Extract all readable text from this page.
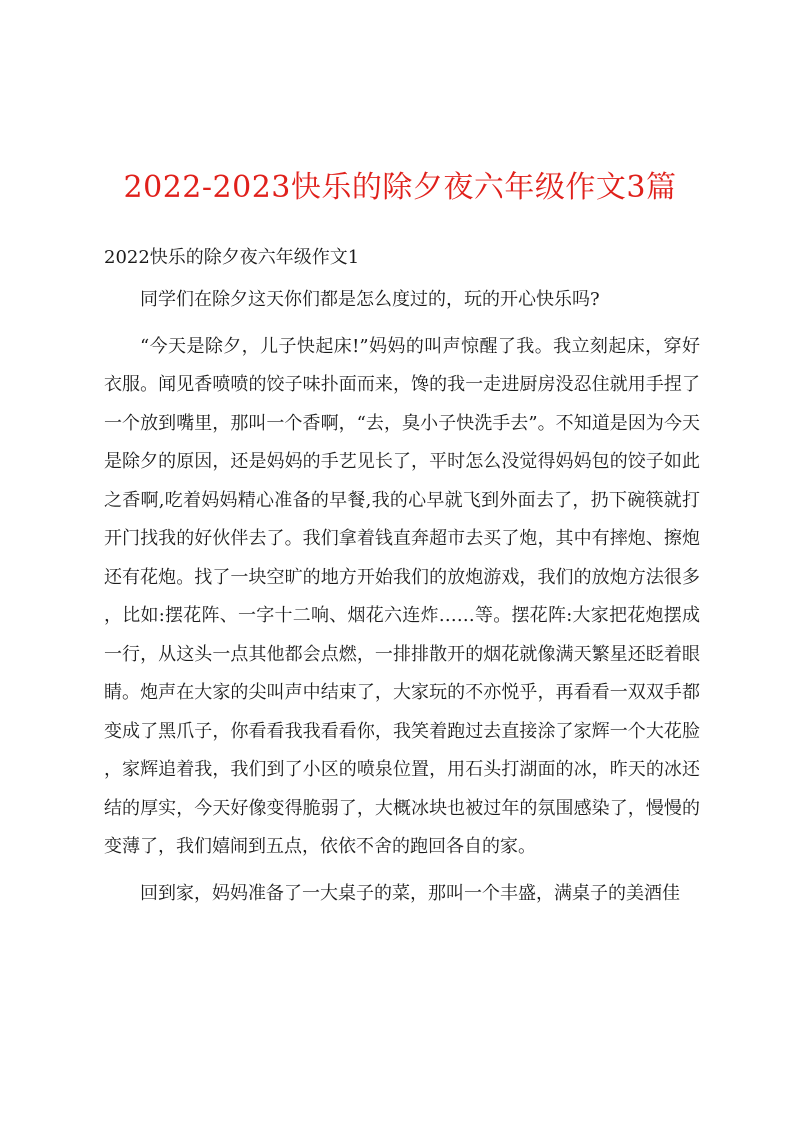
2022-2023快乐的除夕夜六年级作文3篇
2022快乐的除夕夜六年级作文1

同学们在除夕这天你们都是怎么度过的，玩的开心快乐吗?

“今天是除夕，儿子快起床!”妈妈的叫声惊醒了我。我立刻起床，穿好衣服。闻见香喷喷的饺子味扑面而来，馋的我一走进厨房没忍住就用手捏了一个放到嘴里，那叫一个香啊，“去，臭小子快洗手去”。不知道是因为今天是除夕的原因，还是妈妈的手艺见长了，平时怎么没觉得妈妈包的饺子如此之香啊,吃着妈妈精心准备的早餐,我的心早就飞到外面去了，扔下碗筷就打开门找我的好伙伴去了。我们拿着钱直奔超市去买了炮，其中有摔炮、擦炮还有花炮。找了一块空旷的地方开始我们的放炮游戏，我们的放炮方法很多，比如:摆花阵、一字十二响、烟花六连炸……等。摆花阵:大家把花炮摆成一行，从这头一点其他都会点燃，一排排散开的烟花就像满天繁星还眨着眼睛。炮声在大家的尖叫声中结束了，大家玩的不亦悦乎，再看看一双双手都变成了黑爪子，你看看我我看看你，我笑着跑过去直接涂了家辉一个大花脸，家辉追着我，我们到了小区的喷泉位置，用石头打湖面的冰，昨天的冰还结的厚实，今天好像变得脆弱了，大概冰块也被过年的氛围感染了，慢慢的变薄了，我们嬉闹到五点，依依不舍的跑回各自的家。

回到家，妈妈准备了一大桌子的菜，那叫一个丰盛，满桌子的美酒佳
